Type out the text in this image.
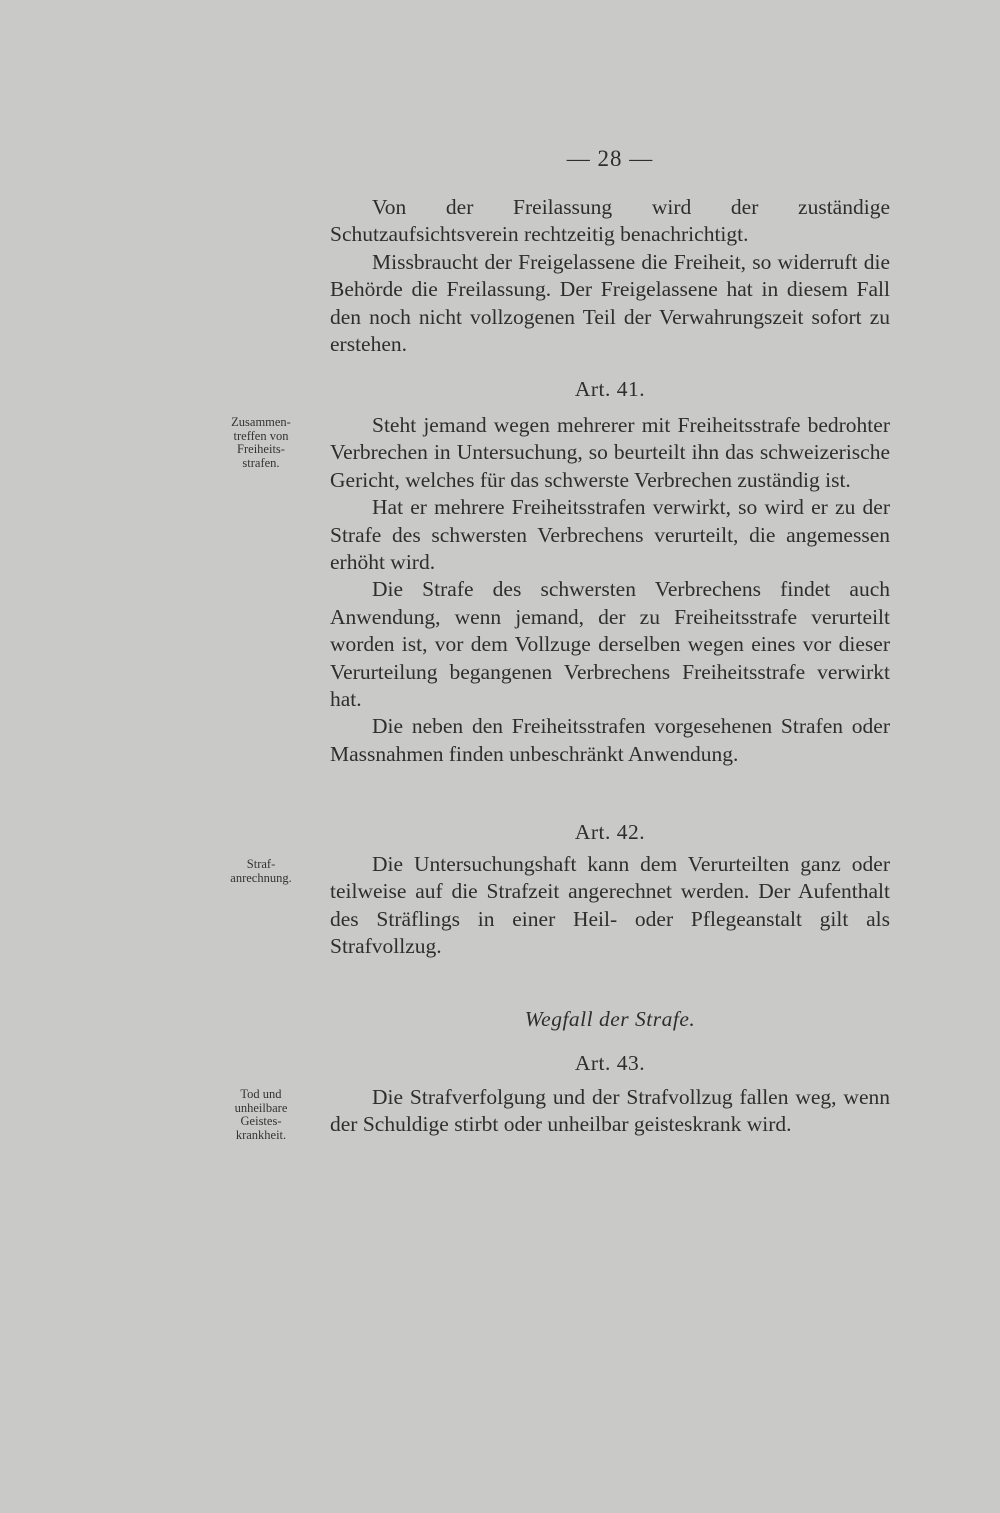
— 28 —

Von der Freilassung wird der zuständige Schutzaufsichtsverein rechtzeitig benachrichtigt.

Missbraucht der Freigelassene die Freiheit, so widerruft die Behörde die Freilassung. Der Freigelassene hat in diesem Fall den noch nicht vollzogenen Teil der Verwahrungszeit sofort zu erstehen.

Art. 41.
Zusammen-
treffen von
Freiheits-
strafen.

Steht jemand wegen mehrerer mit Freiheitsstrafe bedrohter Verbrechen in Untersuchung, so beurteilt ihn das schweizerische Gericht, welches für das schwerste Verbrechen zuständig ist.

Hat er mehrere Freiheitsstrafen verwirkt, so wird er zu der Strafe des schwersten Verbrechens verurteilt, die angemessen erhöht wird.

Die Strafe des schwersten Verbrechens findet auch Anwendung, wenn jemand, der zu Freiheitsstrafe verurteilt worden ist, vor dem Vollzuge derselben wegen eines vor dieser Verurteilung begangenen Verbrechens Freiheitsstrafe verwirkt hat.

Die neben den Freiheitsstrafen vorgesehenen Strafen oder Massnahmen finden unbeschränkt Anwendung.

Art. 42.
Straf-
anrechnung.

Die Untersuchungshaft kann dem Verurteilten ganz oder teilweise auf die Strafzeit angerechnet werden. Der Aufenthalt des Sträflings in einer Heil- oder Pflegeanstalt gilt als Strafvollzug.

Wegfall der Strafe.
Art. 43.
Tod und
unheilbare
Geistes-
krankheit.

Die Strafverfolgung und der Strafvollzug fallen weg, wenn der Schuldige stirbt oder unheilbar geisteskrank wird.
